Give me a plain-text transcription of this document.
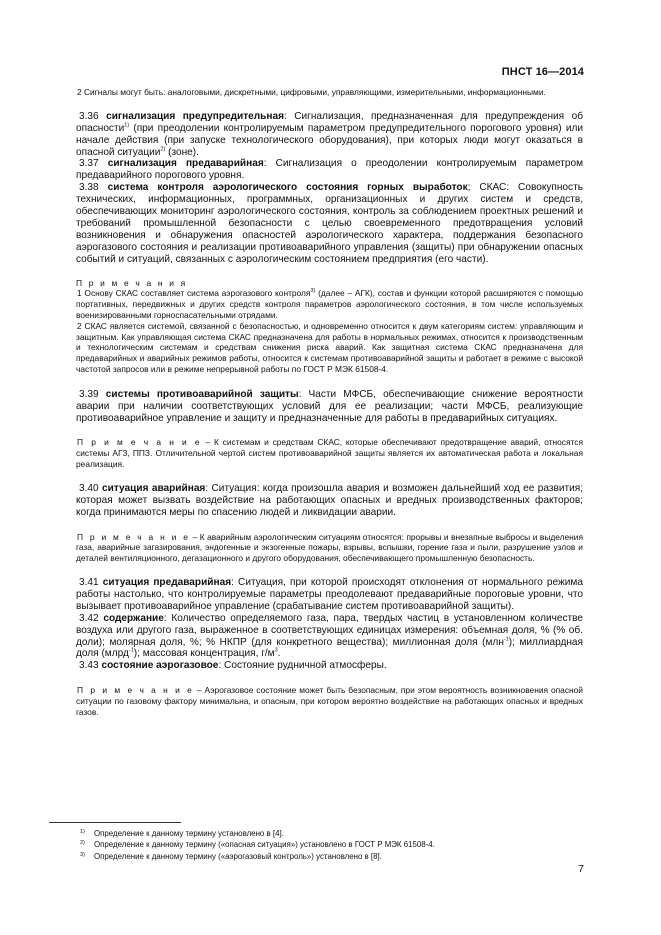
ПНСТ 16—2014

2 Сигналы могут быть: аналоговыми, дискретными, цифровыми, управляющими, измерительными, информационными.

3.36 сигнализация предупредительная: Сигнализация, предназначенная для предупреждения об опасности$^{1)}$ (при преодолении контролируемым параметром предупредительного порогового уровня) или начале действия (при запуске технологического оборудования), при которых люди могут оказаться в опасной ситуации$^{2)}$ (зоне).

3.37 сигнализация предаварийная: Сигнализация о преодолении контролируемым параметром предаварийного порогового уровня.

3.38 система контроля аэрологического состояния горных выработок; СКАС: Совокупность технических, информационных, программных, организационных и других систем и средств, обеспечивающих мониторинг аэрологического состояния, контроль за соблюдением проектных решений и требований промышленной безопасности с целью своевременного предотвращения условий возникновения и обнаружения опасностей аэрологического характера, поддержания безопасного аэрогазового состояния и реализации противоаварийного управления (защиты) при обнаружении опасных событий и ситуаций, связанных с аэрологическим состоянием предприятия (его части).

П р и м е ч а н и я

1 Основу СКАС составляет система аэрогазового контроля$^{3)}$ (далее – АГК), состав и функции которой расширяются с помощью портативных, передвижных и других средств контроля параметров аэрологического состояния, в том числе используемых военизированными горноспасательными отрядами.

2 СКАС является системой, связанной с безопасностью, и одновременно относится к двум категориям систем: управляющим и защитным. Как управляющая система СКАС предназначена для работы в нормальных режимах, относится к производственным и технологическим системам и средствам снижения риска аварий. Как защитная система СКАС предназначена для предаварийных и аварийных режимов работы, относится к системам противоаварийной защиты и работает в режиме с высокой частотой запросов или в режиме непрерывной работы по ГОСТ Р МЭК 61508-4.

3.39 системы противоаварийной защиты: Части МФСБ, обеспечивающие снижение вероятности аварии при наличии соответствующих условий для ее реализации; части МФСБ, реализующие противоаварийное управление и защиту и предназначенные для работы в предаварийных ситуациях.

П р и м е ч а н и е – К системам и средствам СКАС, которые обеспечивают предотвращение аварий, относятся системы АГЗ, ППЗ. Отличительной чертой систем противоаварийной защиты является их автоматическая работа и локальная реализация.

3.40 ситуация аварийная: Ситуация: когда произошла авария и возможен дальнейший ход ее развития; которая может вызвать воздействие на работающих опасных и вредных производственных факторов; когда принимаются меры по спасению людей и ликвидации аварии.

П р и м е ч а н и е – К аварийным аэрологическим ситуациям относятся: прорывы и внезапные выбросы и выделения газа, аварийные загазирования, эндогенные и экзогенные пожары, взрывы, вспышки, горение газа и пыли, разрушение узлов и деталей вентиляционного, дегазационного и другого оборудования, обеспечивающего промышленную безопасность.

3.41 ситуация предаварийная: Ситуация, при которой происходят отклонения от нормального режима работы настолько, что контролируемые параметры преодолевают предаварийные пороговые уровни, что вызывает противоаварийное управление (срабатывание систем противоаварийной защиты).

3.42 содержание: Количество определяемого газа, пара, твердых частиц в установленном количестве воздуха или другого газа, выраженное в соответствующих единицах измерения: объемная доля, % (% об. доли); молярная доля, %; % НКПР (для конкретного вещества); миллионная доля (млн$^{-1}$); миллиардная доля (млрд$^{-1}$); массовая концентрация, $г/м^3$.

3.43 состояние аэрогазовое: Состояние рудничной атмосферы.

П р и м е ч а н и е – Аэрогазовое состояние может быть безопасным, при этом вероятность возникновения опасной ситуации по газовому фактору минимальна, и опасным, при котором вероятно воздействие на работающих опасных и вредных газов.

1)	Определение к данному термину установлено в [4].
2)	Определение к данному термину («опасная ситуация») установлено в ГОСТ Р МЭК 61508-4.
3)	Определение к данному термину («аэрогазовый контроль») установлено в [8].
7
